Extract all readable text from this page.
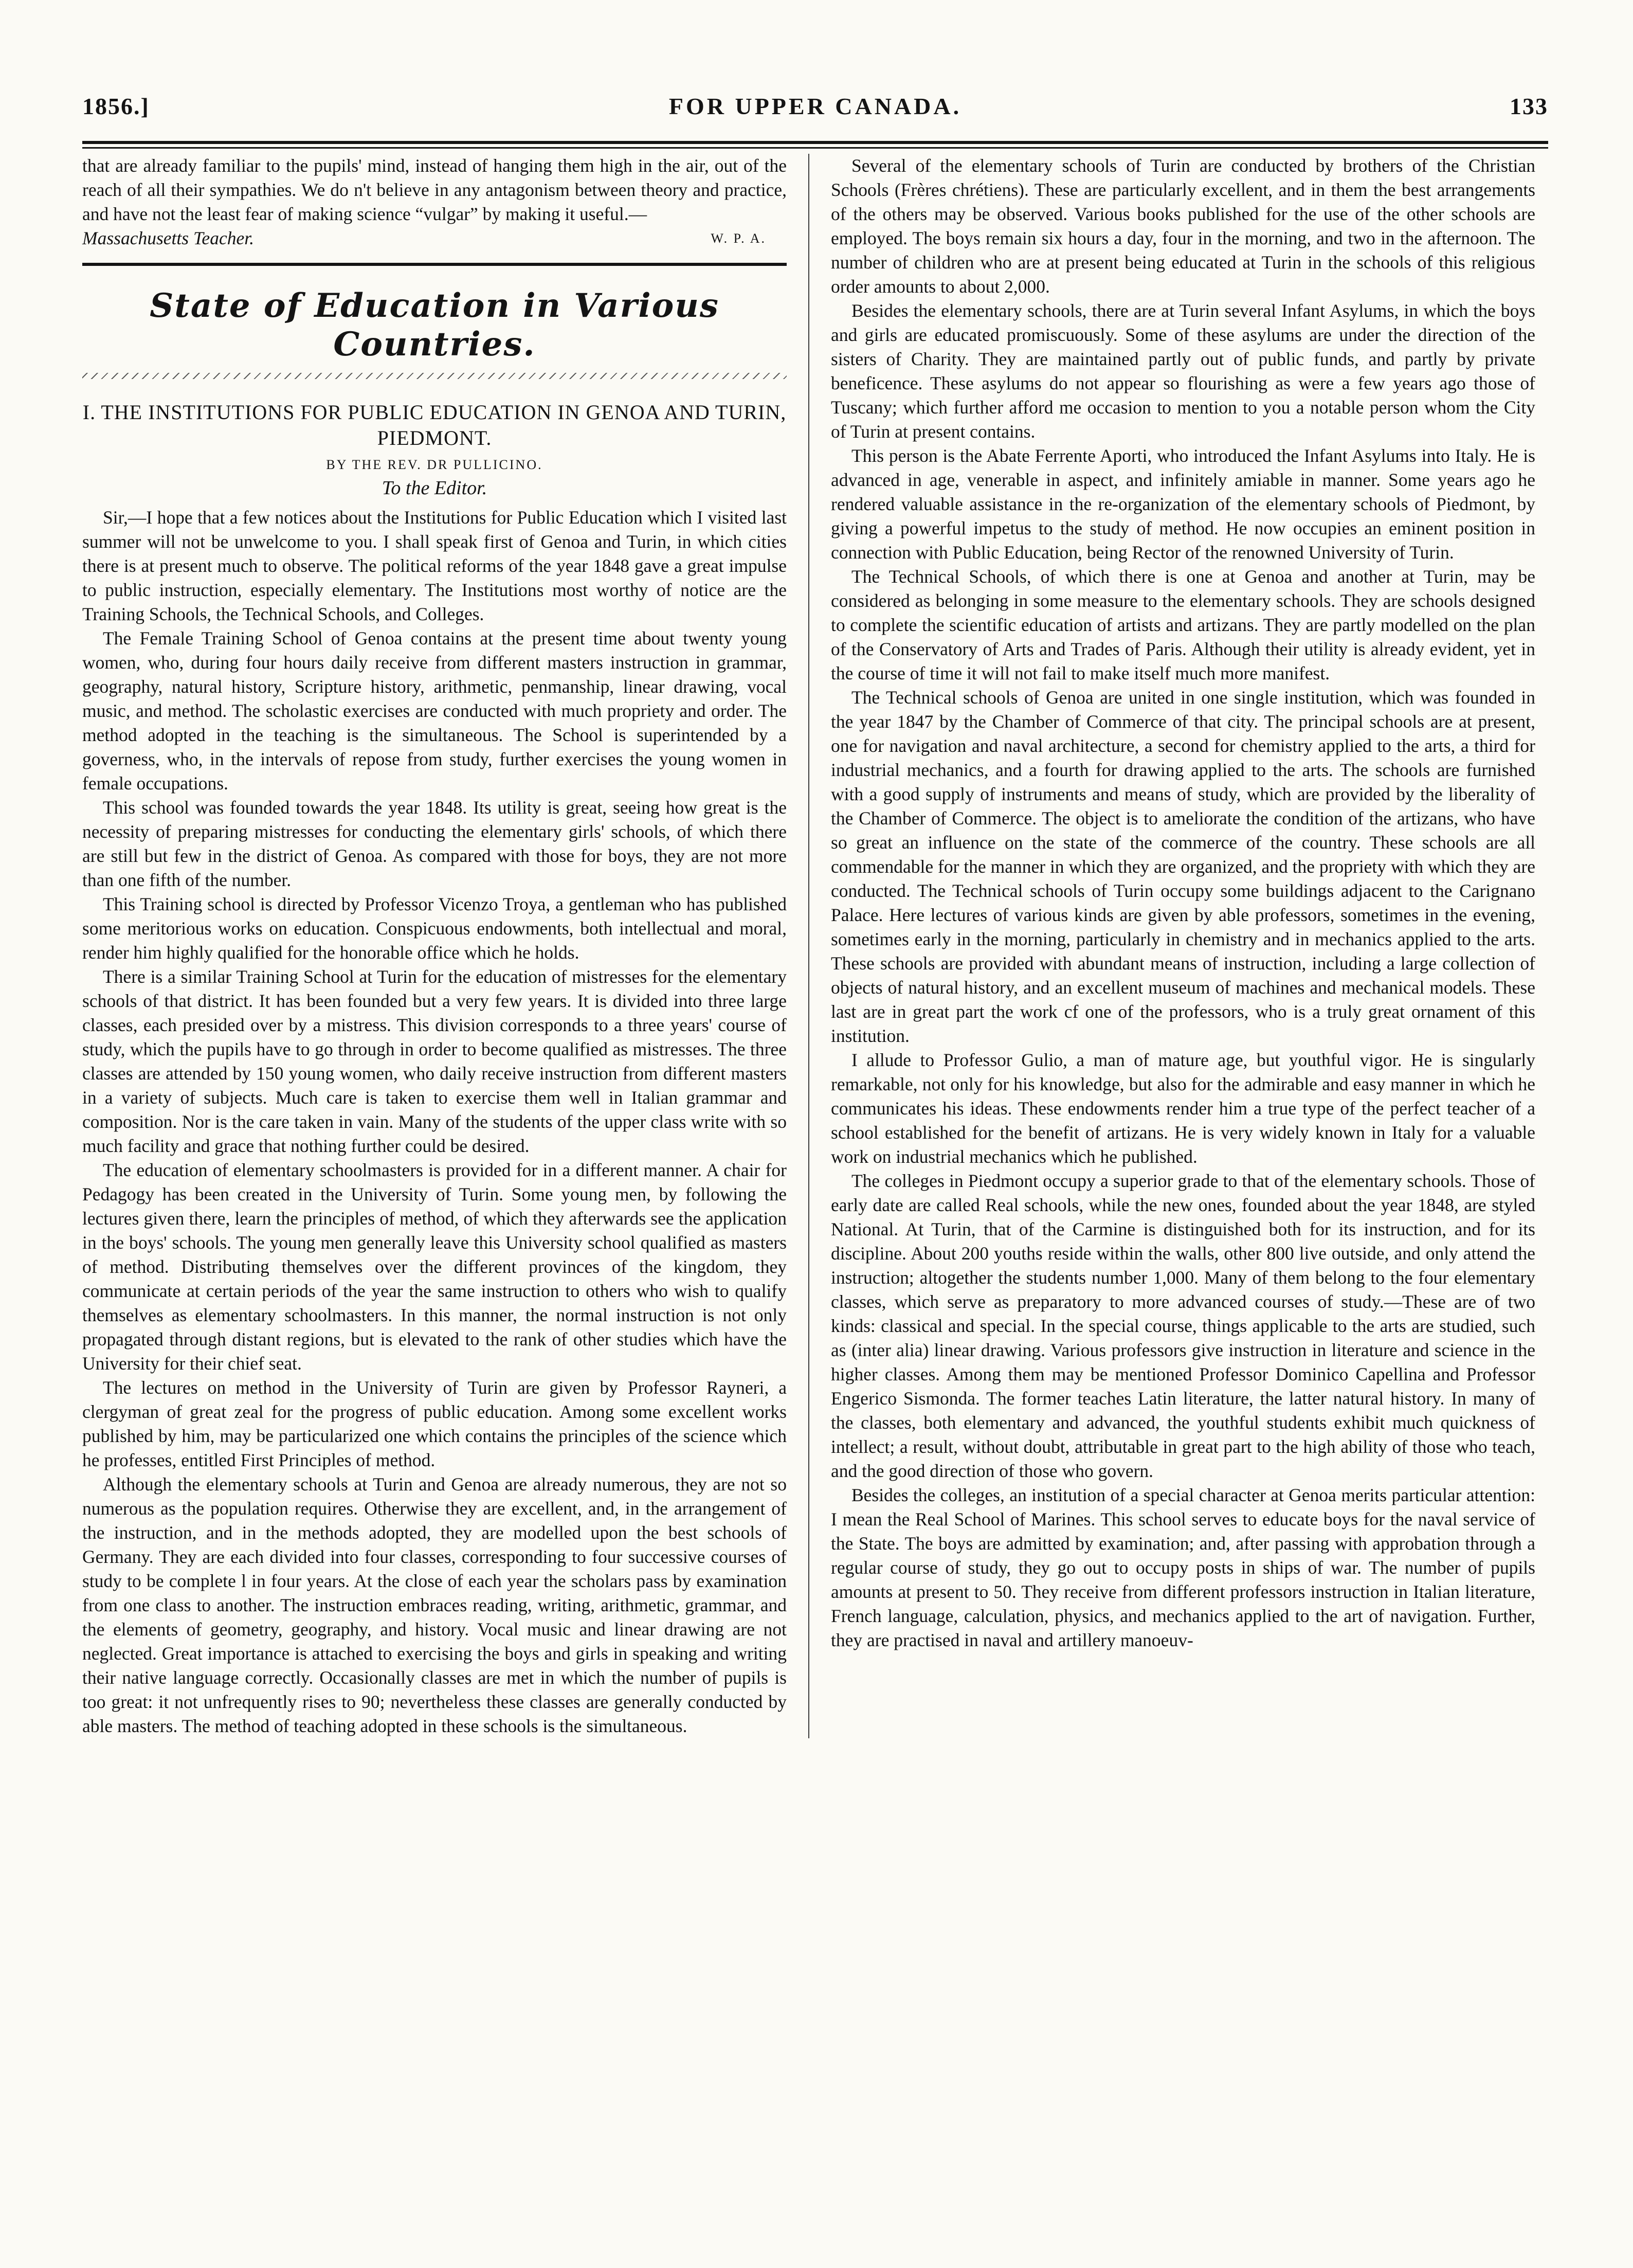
1856.]	FOR UPPER CANADA.	133

that are already familiar to the pupils' mind, instead of hanging them high in the air, out of the reach of all their sympathies. We do n't believe in any antagonism between theory and practice, and have not the least fear of making science “vulgar” by making it useful.—

Massachusetts Teacher.	W. P. A.
State of Education in Various Countries.
I. THE INSTITUTIONS FOR PUBLIC EDUCATION IN GENOA AND TURIN, PIEDMONT.
BY THE REV. DR PULLICINO.
To the Editor.

Sir,—I hope that a few notices about the Institutions for Public Education which I visited last summer will not be unwelcome to you. I shall speak first of Genoa and Turin, in which cities there is at present much to observe. The political reforms of the year 1848 gave a great impulse to public instruction, especially elementary. The Institutions most worthy of notice are the Training Schools, the Technical Schools, and Colleges.

The Female Training School of Genoa contains at the present time about twenty young women, who, during four hours daily receive from different masters instruction in grammar, geography, natural history, Scripture history, arithmetic, penmanship, linear drawing, vocal music, and method. The scholastic exercises are conducted with much propriety and order. The method adopted in the teaching is the simultaneous. The School is superintended by a governess, who, in the intervals of repose from study, further exercises the young women in female occupations.

This school was founded towards the year 1848. Its utility is great, seeing how great is the necessity of preparing mistresses for conducting the elementary girls' schools, of which there are still but few in the district of Genoa. As compared with those for boys, they are not more than one fifth of the number.

This Training school is directed by Professor Vicenzo Troya, a gentleman who has published some meritorious works on education. Conspicuous endowments, both intellectual and moral, render him highly qualified for the honorable office which he holds.

There is a similar Training School at Turin for the education of mistresses for the elementary schools of that district. It has been founded but a very few years. It is divided into three large classes, each presided over by a mistress. This division corresponds to a three years' course of study, which the pupils have to go through in order to become qualified as mistresses. The three classes are attended by 150 young women, who daily receive instruction from different masters in a variety of subjects. Much care is taken to exercise them well in Italian grammar and composition. Nor is the care taken in vain. Many of the students of the upper class write with so much facility and grace that nothing further could be desired.

The education of elementary schoolmasters is provided for in a different manner. A chair for Pedagogy has been created in the University of Turin. Some young men, by following the lectures given there, learn the principles of method, of which they afterwards see the application in the boys' schools. The young men generally leave this University school qualified as masters of method. Distributing themselves over the different provinces of the kingdom, they communicate at certain periods of the year the same instruction to others who wish to qualify themselves as elementary schoolmasters. In this manner, the normal instruction is not only propagated through distant regions, but is elevated to the rank of other studies which have the University for their chief seat.

The lectures on method in the University of Turin are given by Professor Rayneri, a clergyman of great zeal for the progress of public education. Among some excellent works published by him, may be particularized one which contains the principles of the science which he professes, entitled First Principles of method.

Although the elementary schools at Turin and Genoa are already numerous, they are not so numerous as the population requires. Otherwise they are excellent, and, in the arrangement of the instruction, and in the methods adopted, they are modelled upon the best schools of Germany. They are each divided into four classes, corresponding to four successive courses of study to be complete l in four years. At the close of each year the scholars pass by examination from one class to another. The instruction embraces reading, writing, arithmetic, grammar, and the elements of geometry, geography, and history. Vocal music and linear drawing are not neglected. Great importance is attached to exercising the boys and girls in speaking and writing their native language correctly. Occasionally classes are met in which the number of pupils is too great: it not unfrequently rises to 90; nevertheless these classes are generally conducted by able masters. The method of teaching adopted in these schools is the simultaneous.

Several of the elementary schools of Turin are conducted by brothers of the Christian Schools (Frères chrétiens). These are particularly excellent, and in them the best arrangements of the others may be observed. Various books published for the use of the other schools are employed. The boys remain six hours a day, four in the morning, and two in the afternoon. The number of children who are at present being educated at Turin in the schools of this religious order amounts to about 2,000.

Besides the elementary schools, there are at Turin several Infant Asylums, in which the boys and girls are educated promiscuously. Some of these asylums are under the direction of the sisters of Charity. They are maintained partly out of public funds, and partly by private beneficence. These asylums do not appear so flourishing as were a few years ago those of Tuscany; which further afford me occasion to mention to you a notable person whom the City of Turin at present contains.

This person is the Abate Ferrente Aporti, who introduced the Infant Asylums into Italy. He is advanced in age, venerable in aspect, and infinitely amiable in manner. Some years ago he rendered valuable assistance in the re-organization of the elementary schools of Piedmont, by giving a powerful impetus to the study of method. He now occupies an eminent position in connection with Public Education, being Rector of the renowned University of Turin.

The Technical Schools, of which there is one at Genoa and another at Turin, may be considered as belonging in some measure to the elementary schools. They are schools designed to complete the scientific education of artists and artizans. They are partly modelled on the plan of the Conservatory of Arts and Trades of Paris. Although their utility is already evident, yet in the course of time it will not fail to make itself much more manifest.

The Technical schools of Genoa are united in one single institution, which was founded in the year 1847 by the Chamber of Commerce of that city. The principal schools are at present, one for navigation and naval architecture, a second for chemistry applied to the arts, a third for industrial mechanics, and a fourth for drawing applied to the arts. The schools are furnished with a good supply of instruments and means of study, which are provided by the liberality of the Chamber of Commerce. The object is to ameliorate the condition of the artizans, who have so great an influence on the state of the commerce of the country. These schools are all commendable for the manner in which they are organized, and the propriety with which they are conducted. The Technical schools of Turin occupy some buildings adjacent to the Carignano Palace. Here lectures of various kinds are given by able professors, sometimes in the evening, sometimes early in the morning, particularly in chemistry and in mechanics applied to the arts. These schools are provided with abundant means of instruction, including a large collection of objects of natural history, and an excellent museum of machines and mechanical models. These last are in great part the work cf one of the professors, who is a truly great ornament of this institution.

I allude to Professor Gulio, a man of mature age, but youthful vigor. He is singularly remarkable, not only for his knowledge, but also for the admirable and easy manner in which he communicates his ideas. These endowments render him a true type of the perfect teacher of a school established for the benefit of artizans. He is very widely known in Italy for a valuable work on industrial mechanics which he published.

The colleges in Piedmont occupy a superior grade to that of the elementary schools. Those of early date are called Real schools, while the new ones, founded about the year 1848, are styled National. At Turin, that of the Carmine is distinguished both for its instruction, and for its discipline. About 200 youths reside within the walls, other 800 live outside, and only attend the instruction; altogether the students number 1,000. Many of them belong to the four elementary classes, which serve as preparatory to more advanced courses of study.—These are of two kinds: classical and special. In the special course, things applicable to the arts are studied, such as (inter alia) linear drawing. Various professors give instruction in literature and science in the higher classes. Among them may be mentioned Professor Dominico Capellina and Professor Engerico Sismonda. The former teaches Latin literature, the latter natural history. In many of the classes, both elementary and advanced, the youthful students exhibit much quickness of intellect; a result, without doubt, attributable in great part to the high ability of those who teach, and the good direction of those who govern.

Besides the colleges, an institution of a special character at Genoa merits particular attention: I mean the Real School of Marines. This school serves to educate boys for the naval service of the State. The boys are admitted by examination; and, after passing with approbation through a regular course of study, they go out to occupy posts in ships of war. The number of pupils amounts at present to 50. They receive from different professors instruction in Italian literature, French language, calculation, physics, and mechanics applied to the art of navigation. Further, they are practised in naval and artillery manoeuv-
